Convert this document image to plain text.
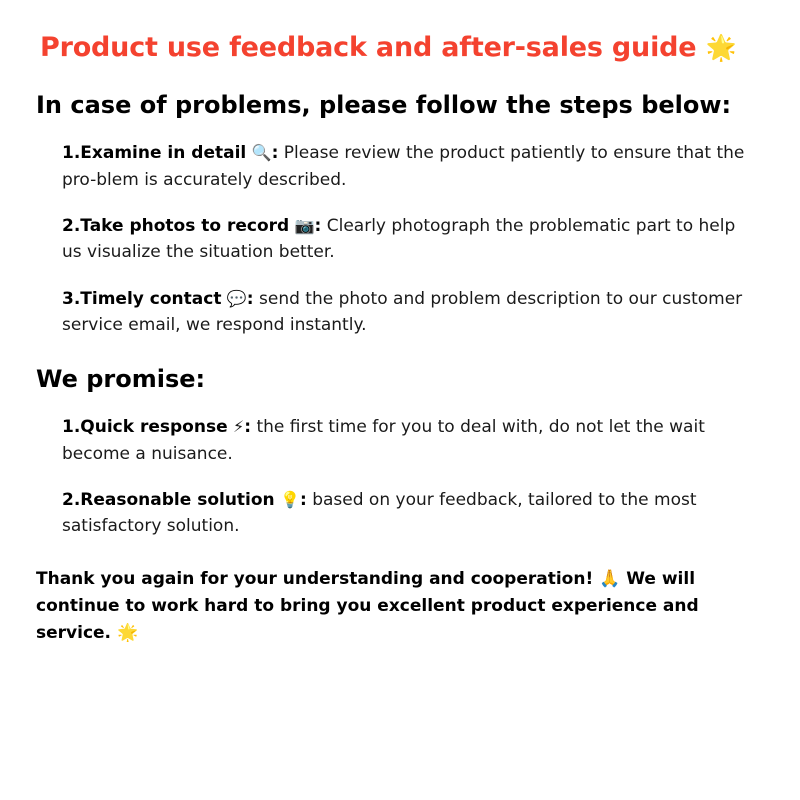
Product use feedback and after-sales guide 🌟
In case of problems, please follow the steps below:
1.Examine in detail 🔍: Please review the product patiently to ensure that the pro-blem is accurately described.
2.Take photos to record 📷: Clearly photograph the problematic part to help us visualize the situation better.
3.Timely contact 💬: send the photo and problem description to our customer service email, we respond instantly.
We promise:
1.Quick response ⚡: the first time for you to deal with, do not let the wait become a nuisance.
2.Reasonable solution 💡: based on your feedback, tailored to the most satisfactory solution.

Thank you again for your understanding and cooperation! 🙏 We will continue to work hard to bring you excellent product experience and service. 🌟
